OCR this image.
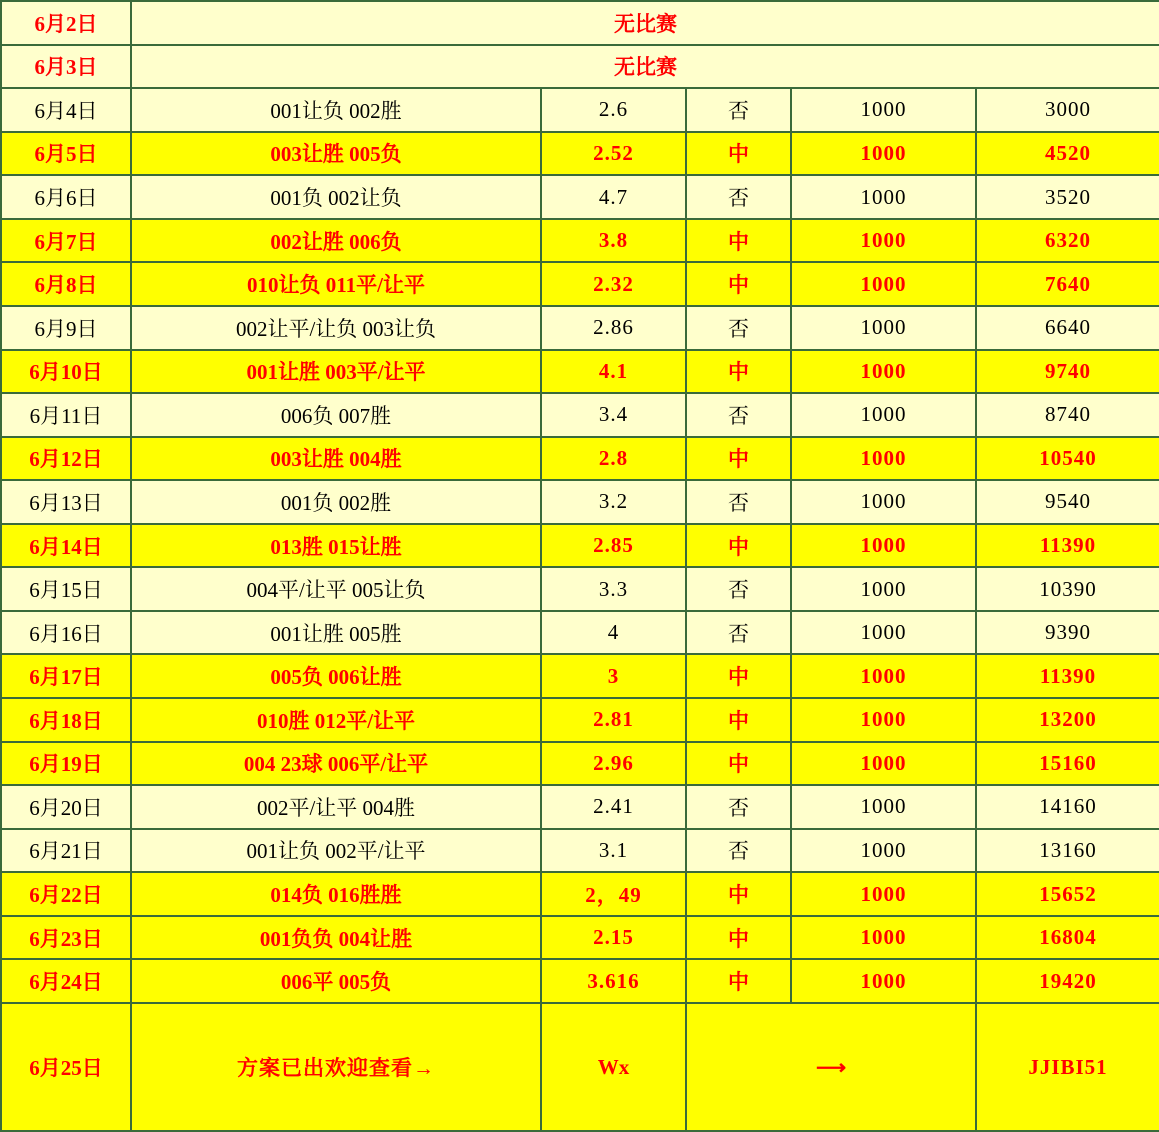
6月2日	无比赛				
6月3日	无比赛				
6月4日	001让负 002胜	2.6	否	1000	3000
6月5日	003让胜 005负	2.52	中	1000	4520
6月6日	001负 002让负	4.7	否	1000	3520
6月7日	002让胜 006负	3.8	中	1000	6320
6月8日	010让负 011平/让平	2.32	中	1000	7640
6月9日	002让平/让负 003让负	2.86	否	1000	6640
6月10日	001让胜 003平/让平	4.1	中	1000	9740
6月11日	006负 007胜	3.4	否	1000	8740
6月12日	003让胜 004胜	2.8	中	1000	10540
6月13日	001负 002胜	3.2	否	1000	9540
6月14日	013胜 015让胜	2.85	中	1000	11390
6月15日	004平/让平 005让负	3.3	否	1000	10390
6月16日	001让胜 005胜	4	否	1000	9390
6月17日	005负 006让胜	3	中	1000	11390
6月18日	010胜 012平/让平	2.81	中	1000	13200
6月19日	004 23球 006平/让平	2.96	中	1000	15160
6月20日	002平/让平 004胜	2.41	否	1000	14160
6月21日	001让负 002平/让平	3.1	否	1000	13160
6月22日	014负 016胜胜	2，49	中	1000	15652
6月23日	001负负 004让胜	2.15	中	1000	16804
6月24日	006平 005负	3.616	中	1000	19420
6月25日	方案已出欢迎查看→	Wx	⟶		JJIBI51
